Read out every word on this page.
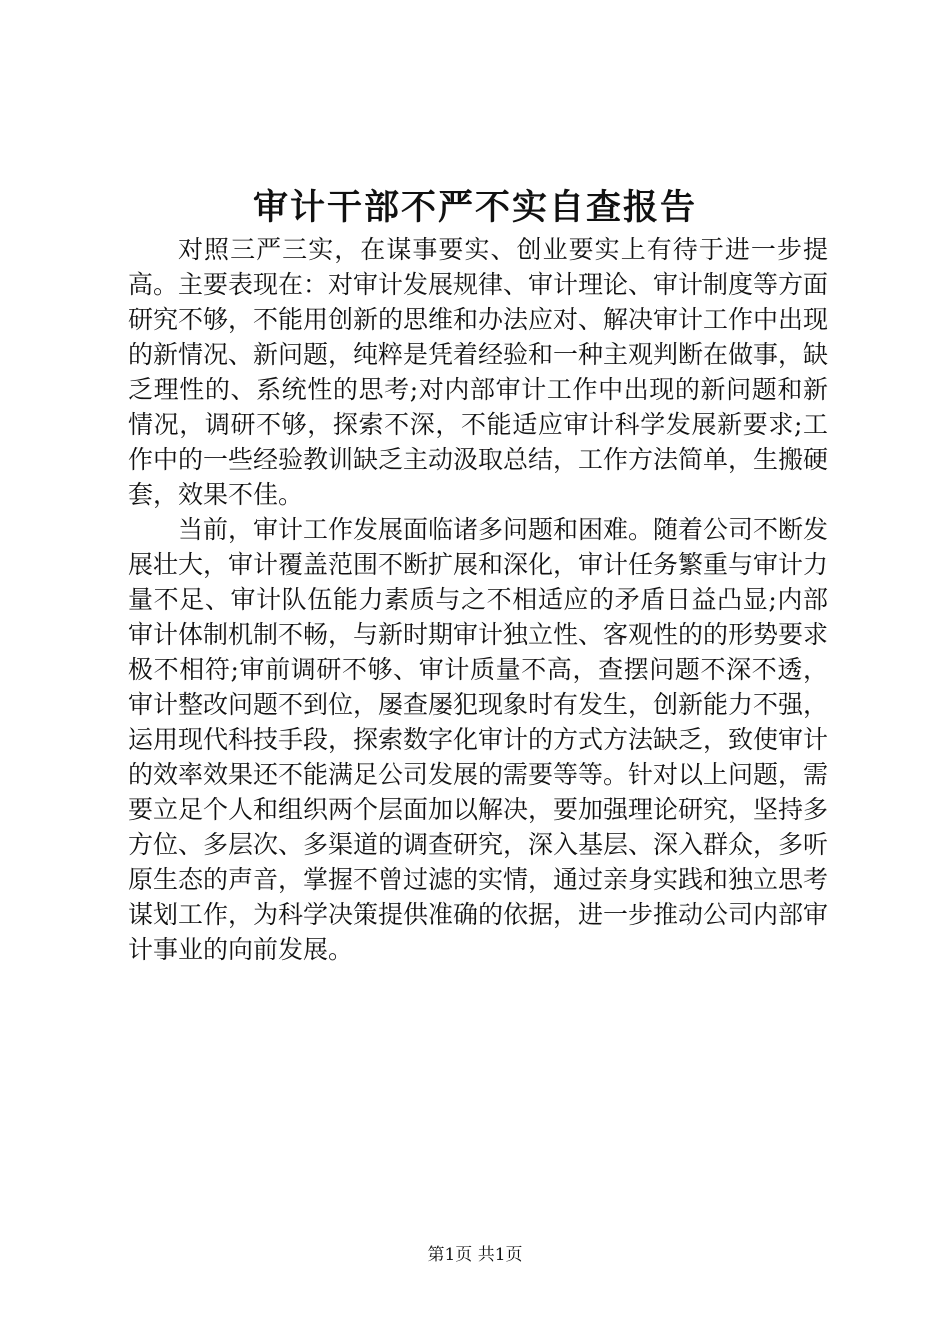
审计干部不严不实自查报告

对照三严三实，在谋事要实、创业要实上有待于进一步提高。主要表现在：对审计发展规律、审计理论、审计制度等方面研究不够，不能用创新的思维和办法应对、解决审计工作中出现的新情况、新问题，纯粹是凭着经验和一种主观判断在做事，缺乏理性的、系统性的思考;对内部审计工作中出现的新问题和新情况，调研不够，探索不深，不能适应审计科学发展新要求;工作中的一些经验教训缺乏主动汲取总结，工作方法简单，生搬硬套，效果不佳。

当前，审计工作发展面临诸多问题和困难。随着公司不断发展壮大，审计覆盖范围不断扩展和深化，审计任务繁重与审计力量不足、审计队伍能力素质与之不相适应的矛盾日益凸显;内部审计体制机制不畅，与新时期审计独立性、客观性的的形势要求极不相符;审前调研不够、审计质量不高，查摆问题不深不透，审计整改问题不到位，屡查屡犯现象时有发生，创新能力不强，运用现代科技手段，探索数字化审计的方式方法缺乏，致使审计的效率效果还不能满足公司发展的需要等等。针对以上问题，需要立足个人和组织两个层面加以解决，要加强理论研究，坚持多方位、多层次、多渠道的调查研究，深入基层、深入群众，多听原生态的声音，掌握不曾过滤的实情，通过亲身实践和独立思考谋划工作，为科学决策提供准确的依据，进一步推动公司内部审计事业的向前发展。

第1页 共1页
